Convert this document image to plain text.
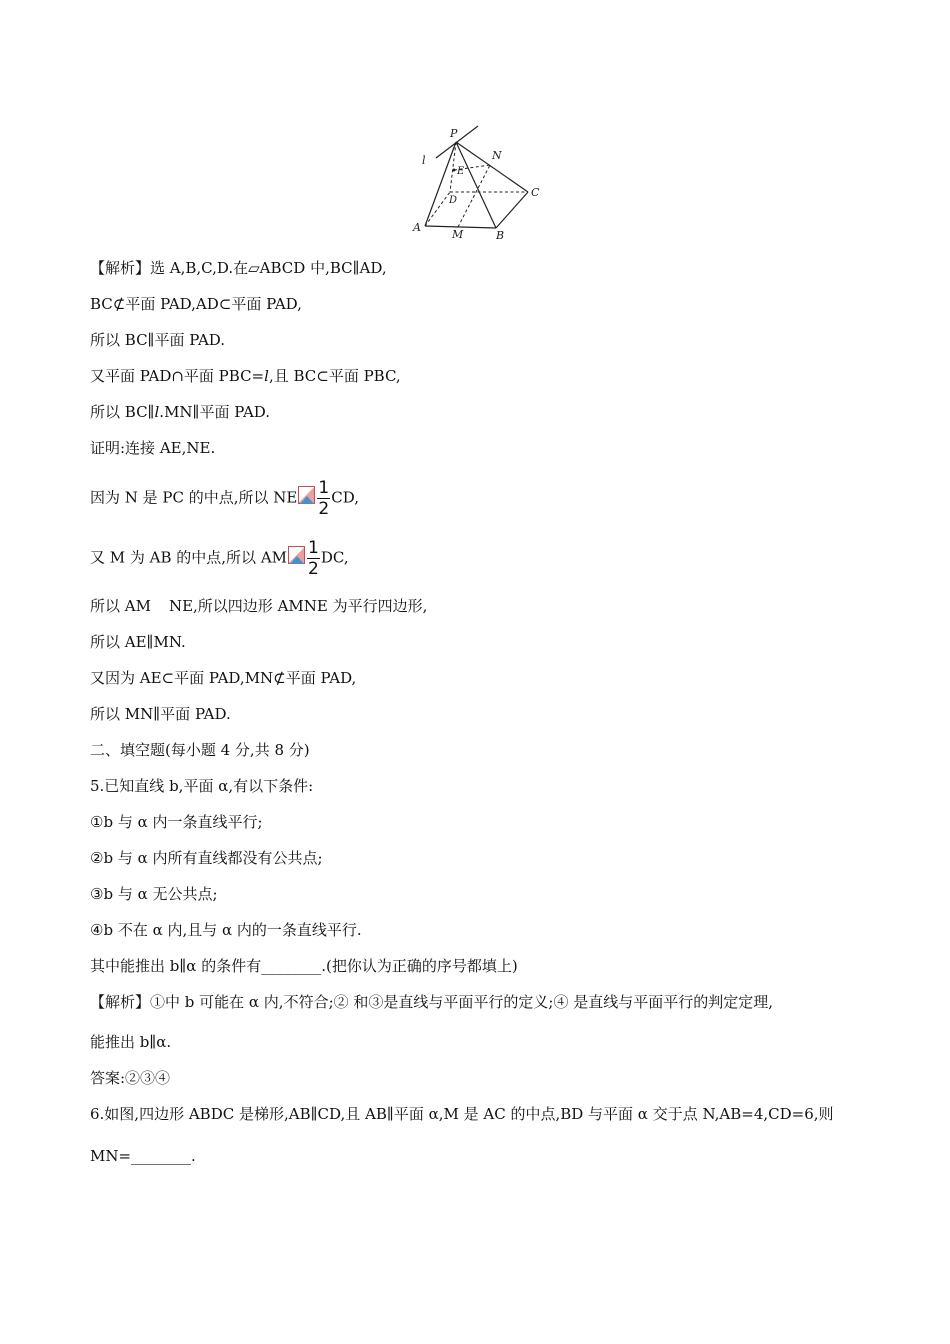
P
N
l
E
D
C
A
M	B
【解析】选 A,B,C,D.在▱ABCD 中,BC∥AD,
BC⊄平面 PAD,AD⊂平面 PAD,
所以 BC∥平面 PAD.
又平面 PAD∩平面 PBC=l,且 BC⊂平面 PBC,
所以 BC∥l.MN∥平面 PAD.
证明:连接 AE,NE.
因为 N 是 PC 的中点,所以 NE $\frac{1}{2}$ CD,
又 M 为 AB 的中点,所以 AM $\frac{1}{2}$ DC,
所以 AM NE,所以四边形 AMNE 为平行四边形,
所以 AE∥MN.
又因为 AE⊂平面 PAD,MN⊄平面 PAD,
所以 MN∥平面 PAD.
二、填空题(每小题 4 分,共 8 分)
5.已知直线 b,平面 α,有以下条件:
①b 与 α 内一条直线平行;
②b 与 α 内所有直线都没有公共点;
③b 与 α 无公共点;
④b 不在 α 内,且与 α 内的一条直线平行.
其中能推出 b∥α 的条件有________.(把你认为正确的序号都填上)
【解析】①中 b 可能在 α 内,不符合;② 和③是直线与平面平行的定义;④ 是直线与平面平行的判定定理,
能推出 b∥α.
答案:②③④
6.如图,四边形 ABDC 是梯形,AB∥CD,且 AB∥平面 α,M 是 AC 的中点,BD 与平面 α 交于点 N,AB=4,CD=6,则
MN=________.
